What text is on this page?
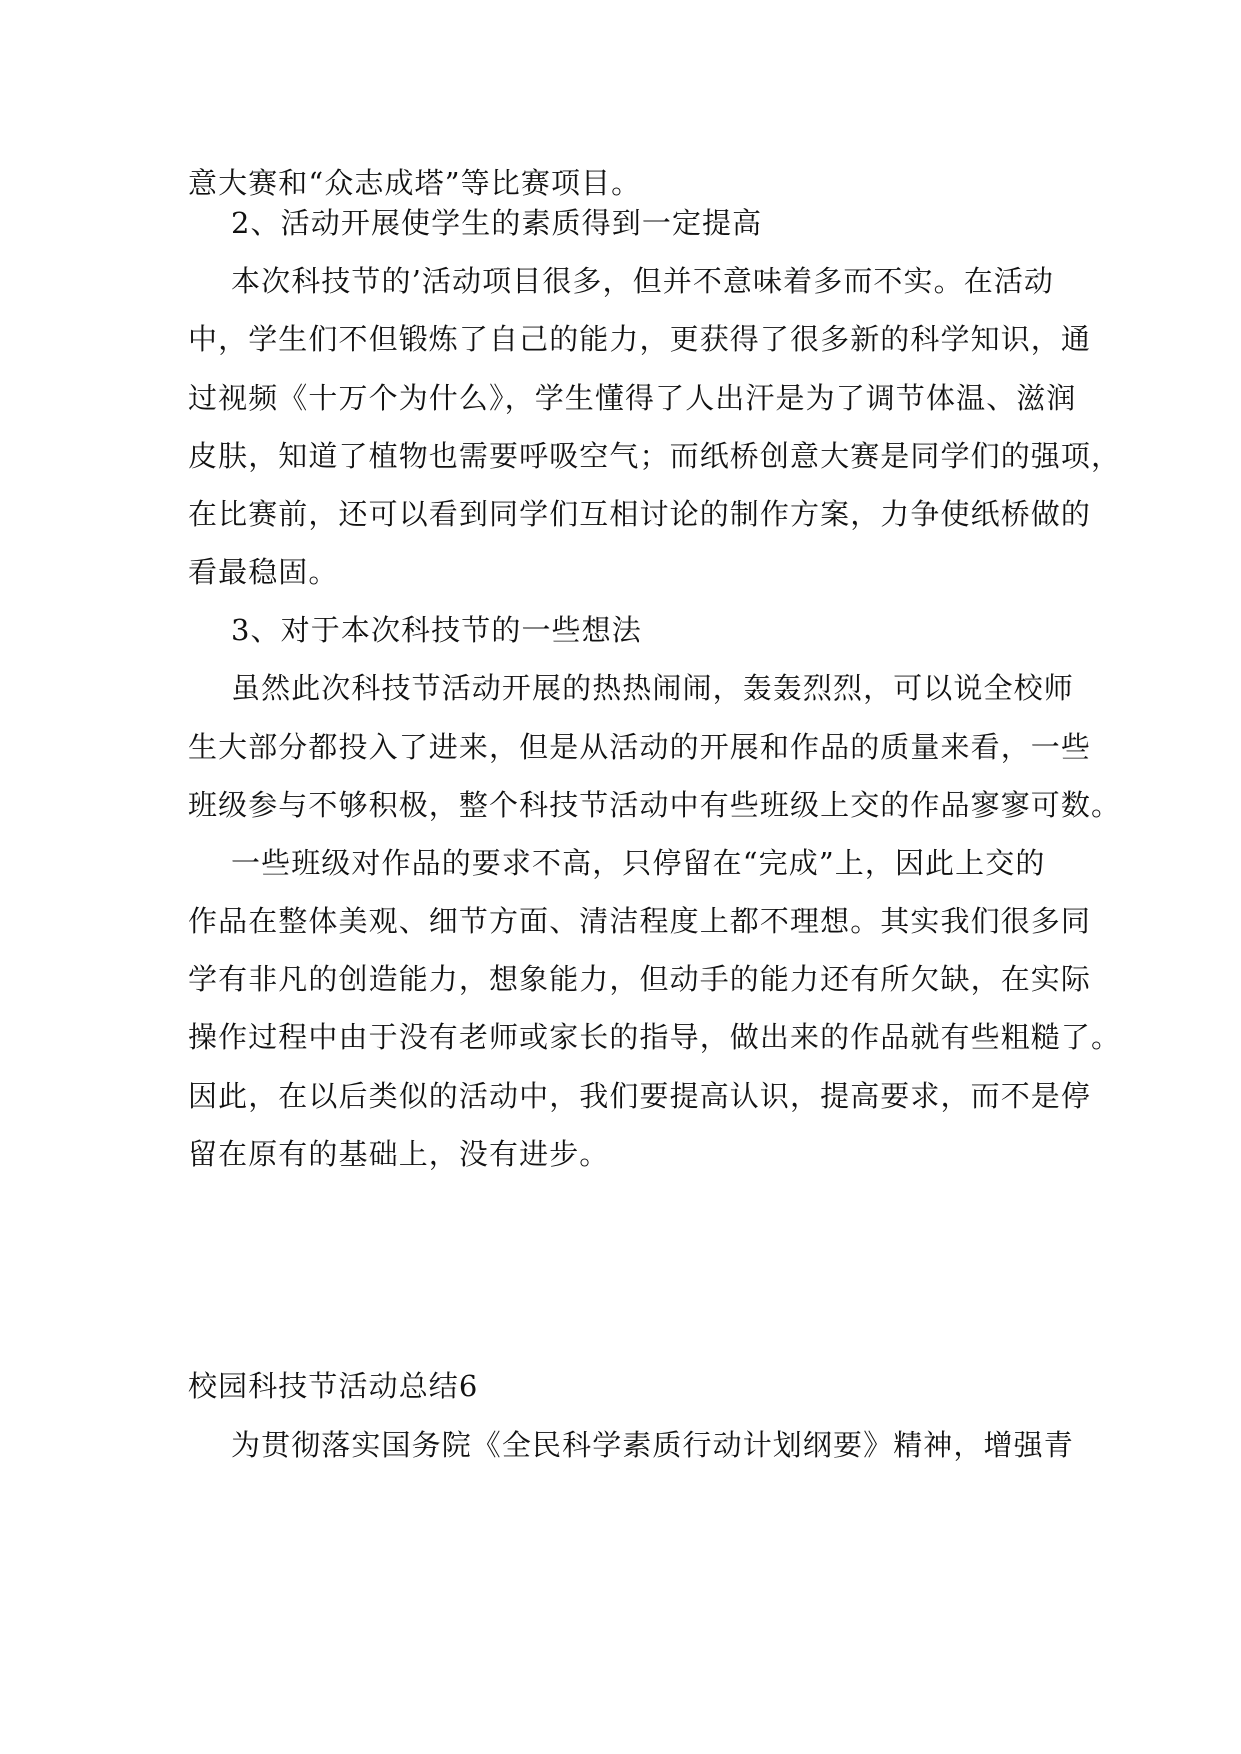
意大赛和“众志成塔”等比赛项目。
2、活动开展使学生的素质得到一定提高
本次科技节的’活动项目很多，但并不意味着多而不实。在活动
中，学生们不但锻炼了自己的能力，更获得了很多新的科学知识，通
过视频《十万个为什么》，学生懂得了人出汗是为了调节体温、滋润
皮肤，知道了植物也需要呼吸空气；而纸桥创意大赛是同学们的强项，
在比赛前，还可以看到同学们互相讨论的制作方案，力争使纸桥做的
看最稳固。
3、对于本次科技节的一些想法
虽然此次科技节活动开展的热热闹闹，轰轰烈烈，可以说全校师
生大部分都投入了进来，但是从活动的开展和作品的质量来看，一些
班级参与不够积极，整个科技节活动中有些班级上交的作品寥寥可数。
一些班级对作品的要求不高，只停留在“完成”上，因此上交的
作品在整体美观、细节方面、清洁程度上都不理想。其实我们很多同
学有非凡的创造能力，想象能力，但动手的能力还有所欠缺，在实际
操作过程中由于没有老师或家长的指导，做出来的作品就有些粗糙了。
因此，在以后类似的活动中，我们要提高认识，提高要求，而不是停
留在原有的基础上，没有进步。
校园科技节活动总结6
为贯彻落实国务院《全民科学素质行动计划纲要》精神，增强青
